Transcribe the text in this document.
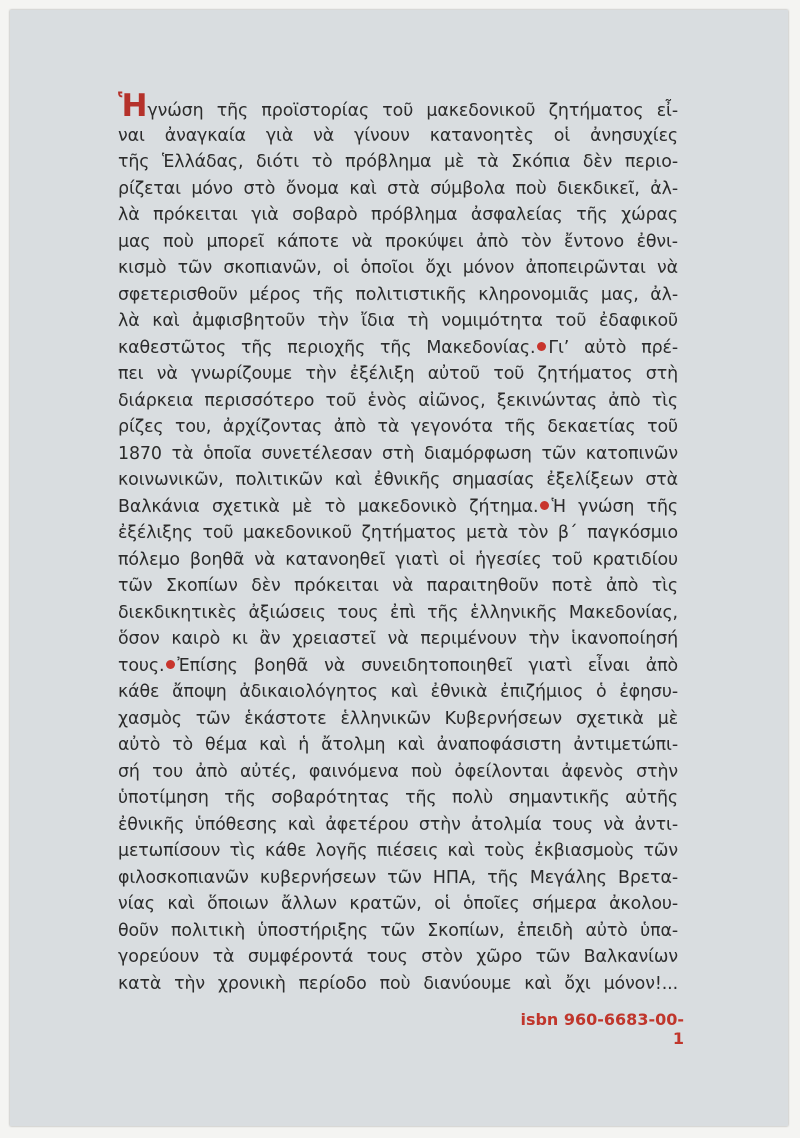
Ἡγνώση τῆς προϊστορίας τοῦ μακεδονικοῦ ζητήματος εἶ-
ναι ἀναγκαία γιὰ νὰ γίνουν κατανοητὲς οἱ ἀνησυχίες
τῆς Ἑλλάδας, διότι τὸ πρόβλημα μὲ τὰ Σκόπια δὲν περιο-
ρίζεται μόνο στὸ ὄνομα καὶ στὰ σύμβολα ποὺ διεκδικεῖ, ἀλ-
λὰ πρόκειται γιὰ σοβαρὸ πρόβλημα ἀσφαλείας τῆς χώρας
μας ποὺ μπορεῖ κάποτε νὰ προκύψει ἀπὸ τὸν ἔντονο ἐθνι-
κισμὸ τῶν σκοπιανῶν, οἱ ὁποῖοι ὄχι μόνον ἀποπειρῶνται νὰ
σφετερισθοῦν μέρος τῆς πολιτιστικῆς κληρονομιᾶς μας, ἀλ-
λὰ καὶ ἀμφισβητοῦν τὴν ἴδια τὴ νομιμότητα τοῦ ἐδαφικοῦ
καθεστῶτος τῆς περιοχῆς τῆς Μακεδονίας. Γι’ αὐτὸ πρέ-
πει νὰ γνωρίζουμε τὴν ἐξέλιξη αὐτοῦ τοῦ ζητήματος στὴ
διάρκεια περισσότερο τοῦ ἑνὸς αἰῶνος, ξεκινώντας ἀπὸ τὶς
ρίζες του, ἀρχίζοντας ἀπὸ τὰ γεγονότα τῆς δεκαετίας τοῦ
1870 τὰ ὁποῖα συνετέλεσαν στὴ διαμόρφωση τῶν κατοπινῶν
κοινωνικῶν, πολιτικῶν καὶ ἐθνικῆς σημασίας ἐξελίξεων στὰ
Βαλκάνια σχετικὰ μὲ τὸ μακεδονικὸ ζήτημα. Ἡ γνώση τῆς
ἐξέλιξης τοῦ μακεδονικοῦ ζητήματος μετὰ τὸν β΄ παγκόσμιο
πόλεμο βοηθᾶ νὰ κατανοηθεῖ γιατὶ οἱ ἡγεσίες τοῦ κρατιδίου
τῶν Σκοπίων δὲν πρόκειται νὰ παραιτηθοῦν ποτὲ ἀπὸ τὶς
διεκδικητικὲς ἀξιώσεις τους ἐπὶ τῆς ἑλληνικῆς Μακεδονίας,
ὅσον καιρὸ κι ἂν χρειαστεῖ νὰ περιμένουν τὴν ἱκανοποίησή
τους. Ἐπίσης βοηθᾶ νὰ συνειδητοποιηθεῖ γιατὶ εἶναι ἀπὸ
κάθε ἄποψη ἀδικαιολόγητος καὶ ἐθνικὰ ἐπιζήμιος ὁ ἐφησυ-
χασμὸς τῶν ἑκάστοτε ἑλληνικῶν Κυβερνήσεων σχετικὰ μὲ
αὐτὸ τὸ θέμα καὶ ἡ ἄτολμη καὶ ἀναποφάσιστη ἀντιμετώπι-
σή του ἀπὸ αὐτές, φαινόμενα ποὺ ὀφείλονται ἀφενὸς στὴν
ὑποτίμηση τῆς σοβαρότητας τῆς πολὺ σημαντικῆς αὐτῆς
ἐθνικῆς ὑπόθεσης καὶ ἀφετέρου στὴν ἀτολμία τους νὰ ἀντι-
μετωπίσουν τὶς κάθε λογῆς πιέσεις καὶ τοὺς ἐκβιασμοὺς τῶν
φιλοσκοπιανῶν κυβερνήσεων τῶν ΗΠΑ, τῆς Μεγάλης Βρετα-
νίας καὶ ὅποιων ἄλλων κρατῶν, οἱ ὁποῖες σήμερα ἀκολου-
θοῦν πολιτικὴ ὑποστήριξης τῶν Σκοπίων, ἐπειδὴ αὐτὸ ὑπα-
γορεύουν τὰ συμφέροντά τους στὸν χῶρο τῶν Βαλκανίων
κατὰ τὴν χρονικὴ περίοδο ποὺ διανύουμε καὶ ὄχι μόνον!...
isbn 960-6683-00-1
